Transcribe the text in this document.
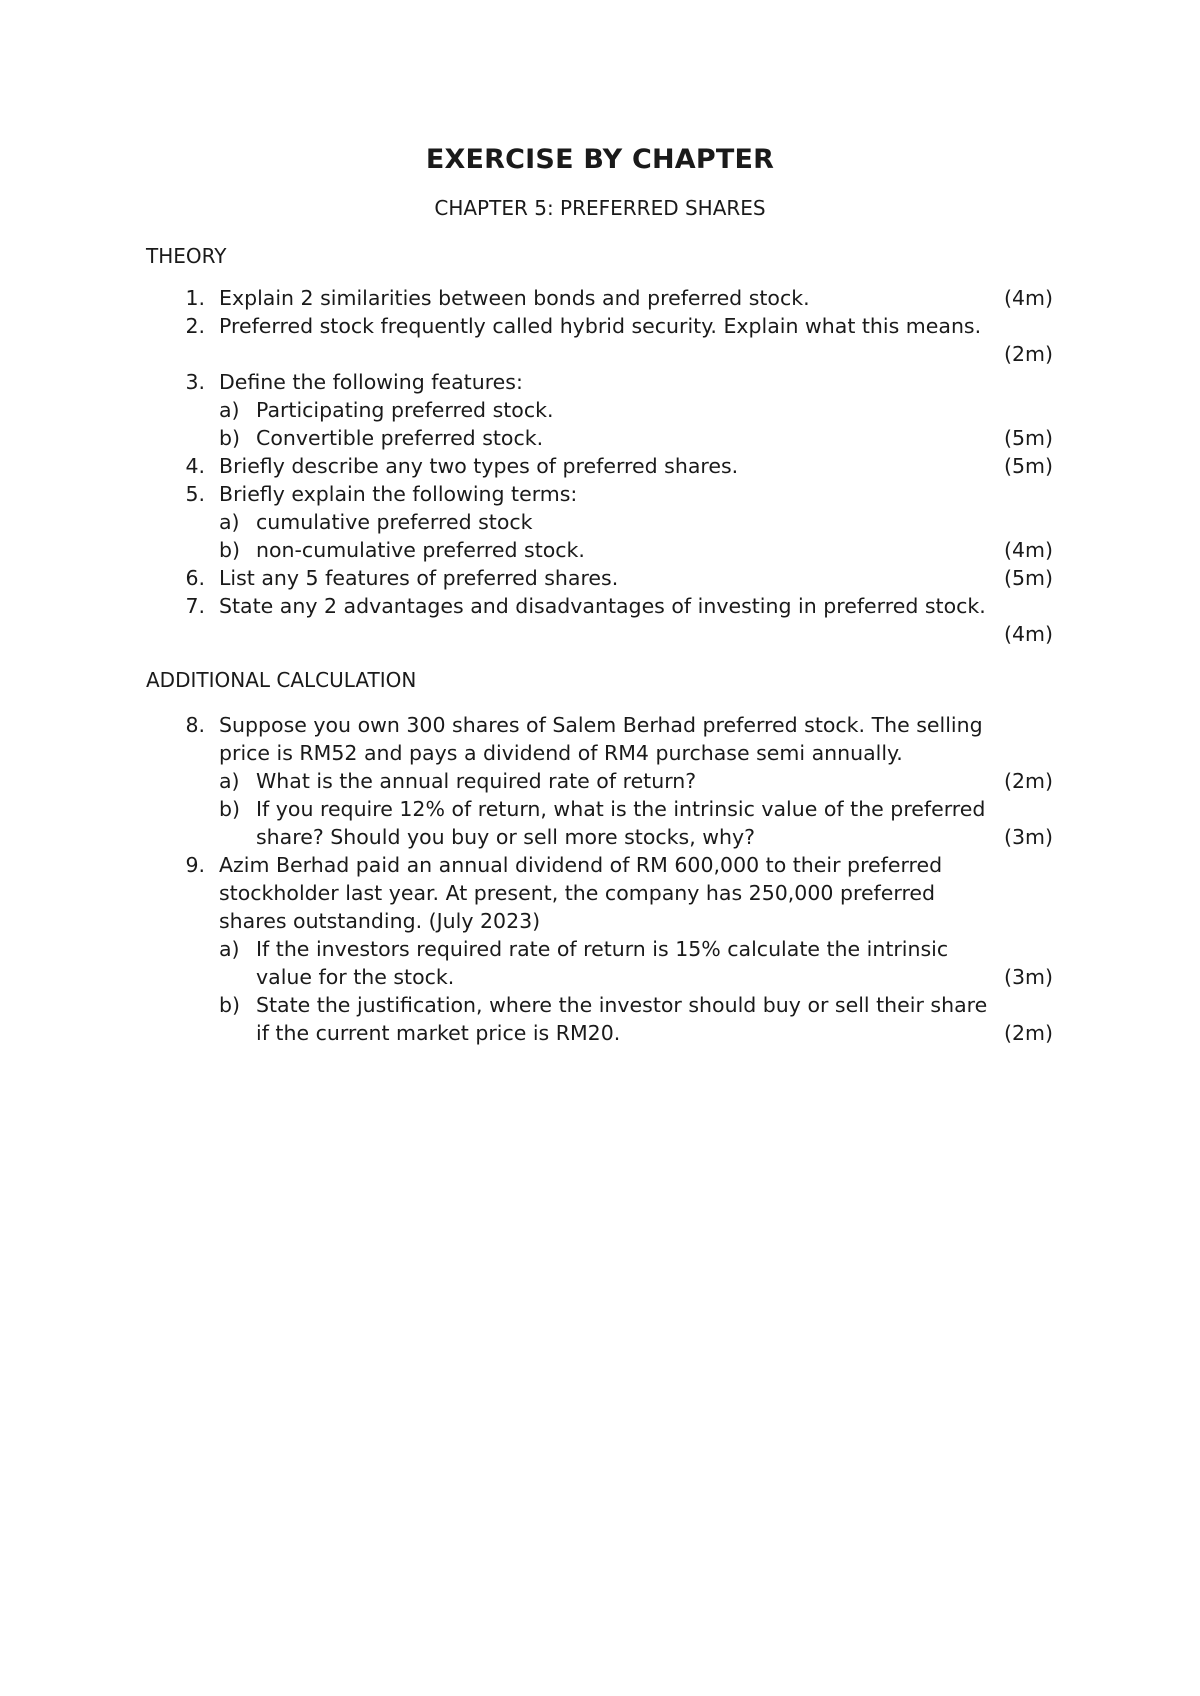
EXERCISE BY CHAPTER
CHAPTER 5: PREFERRED SHARES
THEORY
1. Explain 2 similarities between bonds and preferred stock.	(4m)
2. Preferred stock frequently called hybrid security. Explain what this means.
(2m)
3. Define the following features:
a) Participating preferred stock.
b) Convertible preferred stock.	(5m)
4. Briefly describe any two types of preferred shares.	(5m)
5. Briefly explain the following terms:
a) cumulative preferred stock
b) non-cumulative preferred stock.	(4m)
6. List any 5 features of preferred shares.	(5m)
7. State any 2 advantages and disadvantages of investing in preferred stock.
(4m)
ADDITIONAL CALCULATION
8. Suppose you own 300 shares of Salem Berhad preferred stock. The selling
price is RM52 and pays a dividend of RM4 purchase semi annually.
a) What is the annual required rate of return?	(2m)
b) If you require 12% of return, what is the intrinsic value of the preferred
share? Should you buy or sell more stocks, why?	(3m)
9. Azim Berhad paid an annual dividend of RM 600,000 to their preferred
stockholder last year. At present, the company has 250,000 preferred
shares outstanding. (July 2023)
a) If the investors required rate of return is 15% calculate the intrinsic
value for the stock.	(3m)
b) State the justification, where the investor should buy or sell their share
if the current market price is RM20.	(2m)
